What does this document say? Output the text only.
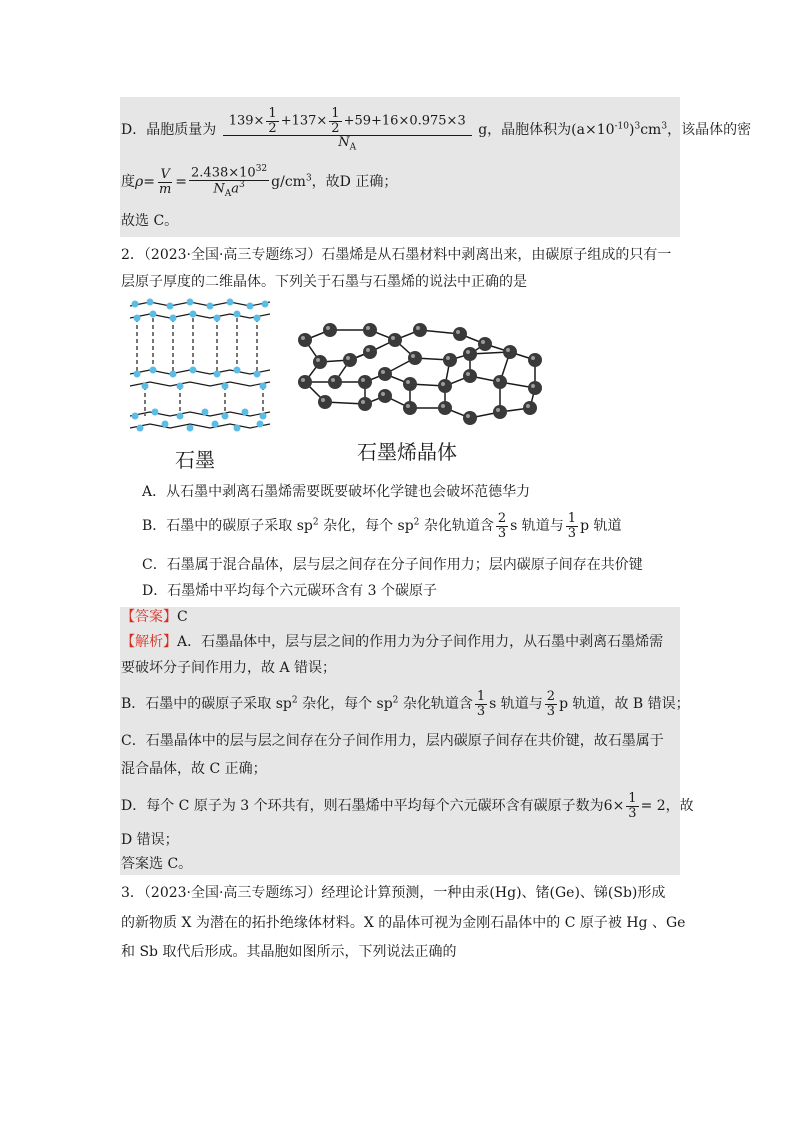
D．晶胞质量为 $\frac{139\times \frac{1}{2} +137\times \frac{1}{2} +59+16\times 0.975\times 3}{N_A}$ g，晶胞体积为$(a\times 10^{-10})^3cm^3$，该晶体的密
度$\rho= \frac{V}{m} = \frac{2.438\times 10^{32}}{N_Aa^3} g/cm^3$，故D 正确；
故选 C。
2．（2023·全国·高三专题练习）石墨烯是从石墨材料中剥离出来，由碳原子组成的只有一
层原子厚度的二维晶体。下列关于石墨与石墨烯的说法中正确的是
石墨	石墨烯晶体
A．从石墨中剥离石墨烯需要既要破坏化学键也会破坏范德华力
B．石墨中的碳原子采取 $sp^2$ 杂化，每个 $sp^2$ 杂化轨道含 $\frac{2}{3}$ s 轨道与 $\frac{1}{3}$ p 轨道
C．石墨属于混合晶体，层与层之间存在分子间作用力；层内碳原子间存在共价键
D．石墨烯中平均每个六元碳环含有 3 个碳原子
【答案】C
【解析】A．石墨晶体中，层与层之间的作用力为分子间作用力，从石墨中剥离石墨烯需
要破坏分子间作用力，故 A 错误；
B．石墨中的碳原子采取 $sp^2$ 杂化，每个 $sp^2$ 杂化轨道含 $\frac{1}{3}$ s 轨道与 $\frac{2}{3}$ p 轨道，故 B 错误；
C．石墨晶体中的层与层之间存在分子间作用力，层内碳原子间存在共价键，故石墨属于
混合晶体，故 C 正确；
D．每个 C 原子为 3 个环共有，则石墨烯中平均每个六元碳环含有碳原子数为$6\times \frac{1}{3} = 2$，故
D 错误；
答案选 C。
3．（2023·全国·高三专题练习）经理论计算预测，一种由汞(Hg)、锗(Ge)、锑(Sb)形成
的新物质 X 为潜在的拓扑绝缘体材料。X 的晶体可视为金刚石晶体中的 C 原子被 Hg 、Ge
和 Sb 取代后形成。其晶胞如图所示，下列说法正确的
